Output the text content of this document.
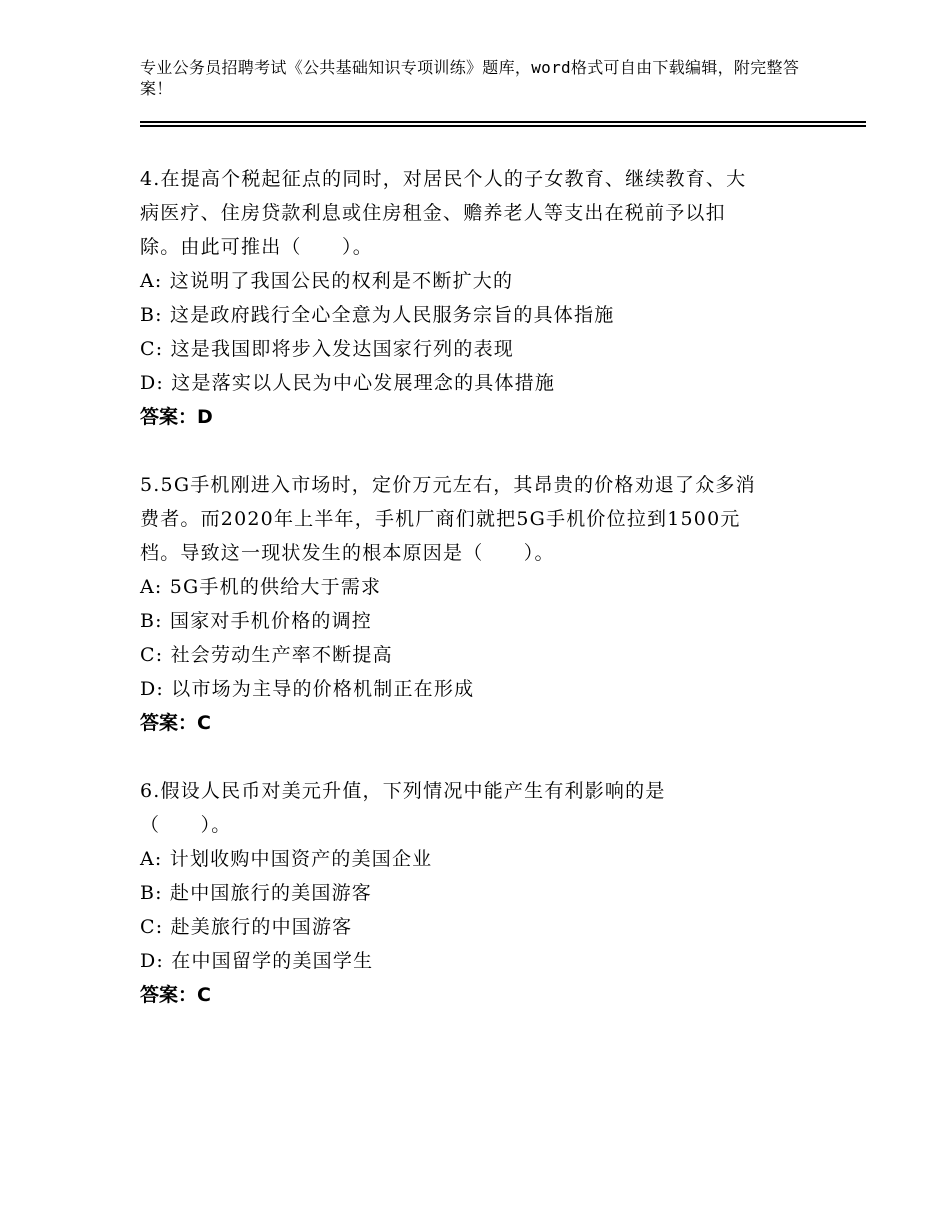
专业公务员招聘考试《公共基础知识专项训练》题库，word格式可自由下载编辑，附完整答案！

4.在提高个税起征点的同时，对居民个人的子女教育、继续教育、大

病医疗、住房贷款利息或住房租金、赡养老人等支出在税前予以扣

除。由此可推出（　　）。

A: 这说明了我国公民的权利是不断扩大的

B: 这是政府践行全心全意为人民服务宗旨的具体指施

C: 这是我国即将步入发达国家行列的表现

D: 这是落实以人民为中心发展理念的具体措施

答案：D

5.5G手机刚进入市场时，定价万元左右，其昂贵的价格劝退了众多消

费者。而2020年上半年，手机厂商们就把5G手机价位拉到1500元

档。导致这一现状发生的根本原因是（　　）。

A: 5G手机的供给大于需求

B: 国家对手机价格的调控

C: 社会劳动生产率不断提高

D: 以市场为主导的价格机制正在形成

答案：C

6.假设人民币对美元升值，下列情况中能产生有利影响的是

（　　）。

A: 计划收购中国资产的美国企业

B: 赴中国旅行的美国游客

C: 赴美旅行的中国游客

D: 在中国留学的美国学生

答案：C
